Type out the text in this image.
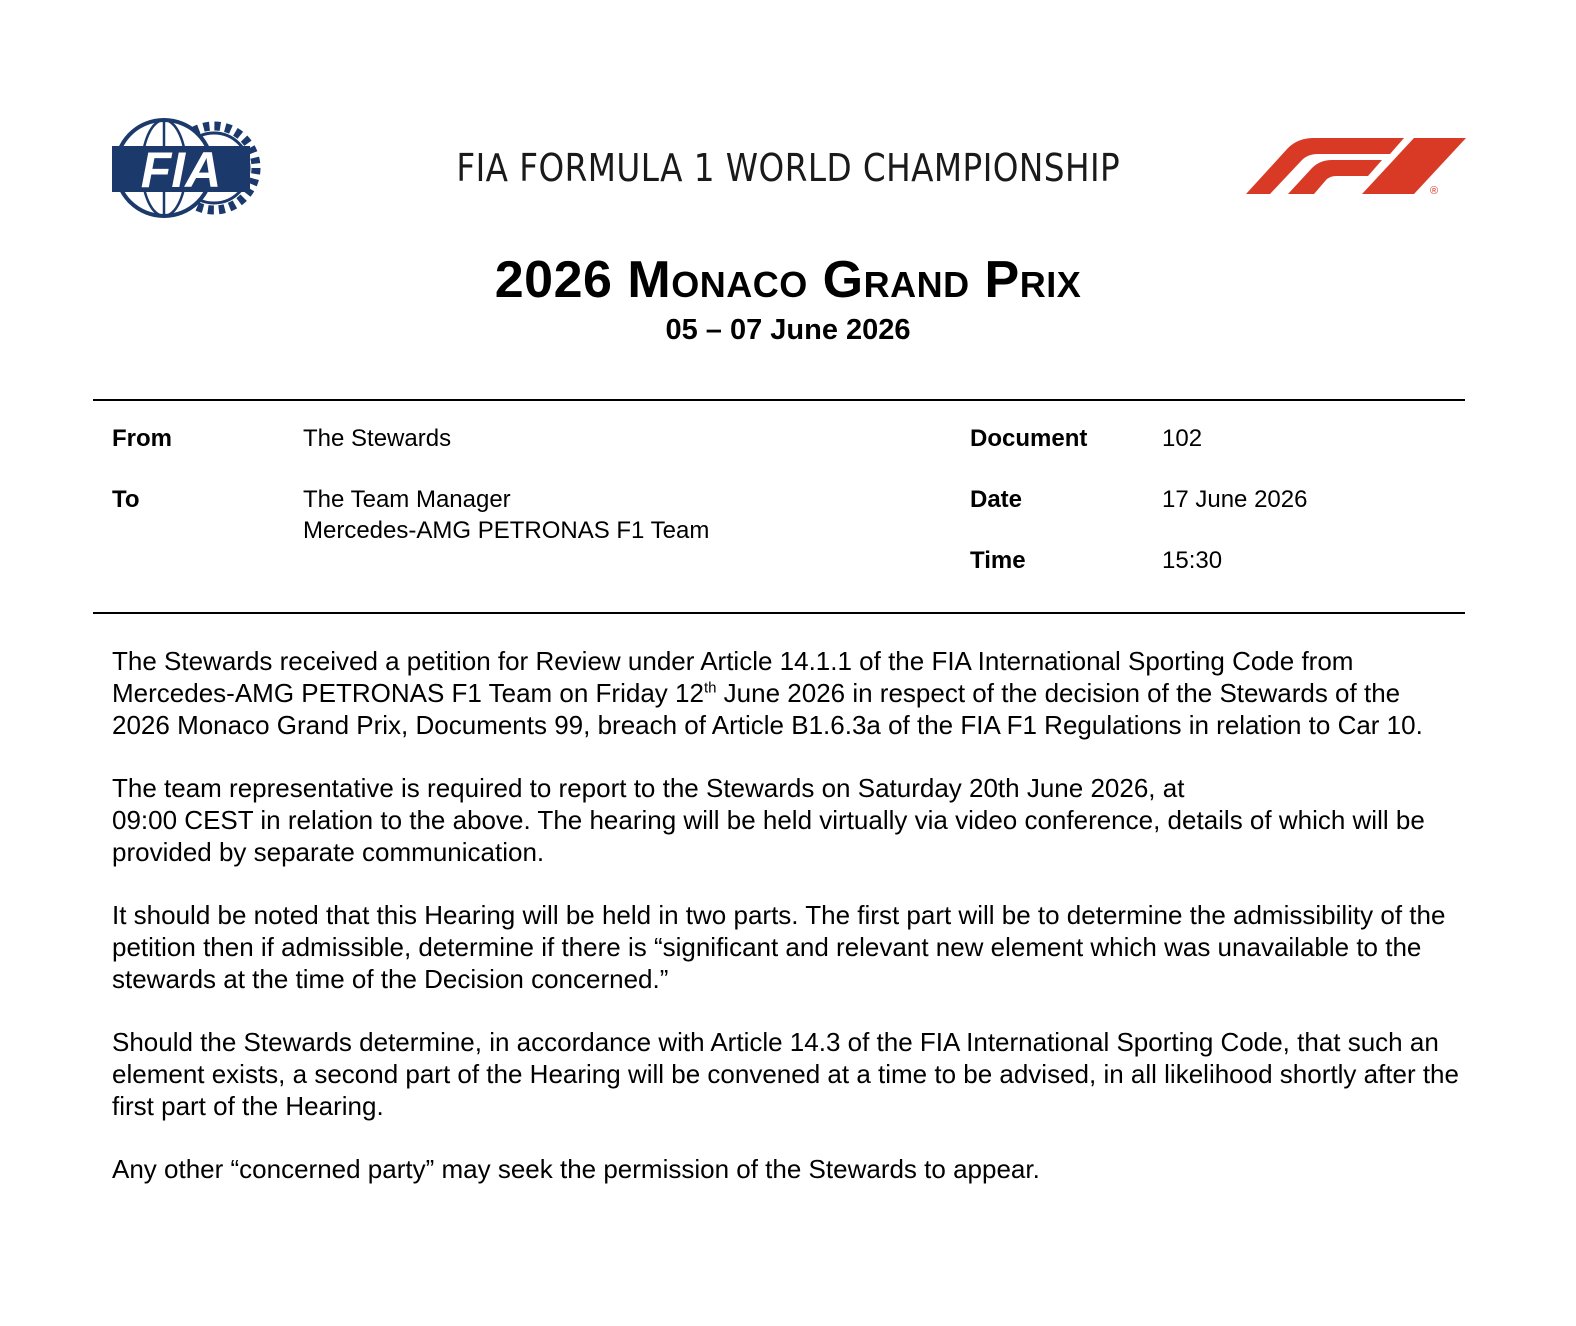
FIA	FIA FORMULA 1 WORLD CHAMPIONSHIP
®
2026 Monaco Grand Prix
05 – 07 June 2026
From	The Stewards
To	The Team Manager
Mercedes-AMG PETRONAS F1 Team
Document	102
Date	17 June 2026
Time	15:30

The Stewards received a petition for Review under Article 14.1.1 of the FIA International Sporting Code from Mercedes-AMG PETRONAS F1 Team on Friday 12th June 2026 in respect of the decision of the Stewards of the 2026 Monaco Grand Prix, Documents 99, breach of Article B1.6.3a of the FIA F1 Regulations in relation to Car 10.

The team representative is required to report to the Stewards on Saturday 20th June 2026, at
09:00 CEST in relation to the above. The hearing will be held virtually via video conference, details of which will be provided by separate communication.

It should be noted that this Hearing will be held in two parts. The first part will be to determine the admissibility of the petition then if admissible, determine if there is “significant and relevant new element which was unavailable to the stewards at the time of the Decision concerned.”

Should the Stewards determine, in accordance with Article 14.3 of the FIA International Sporting Code, that such an element exists, a second part of the Hearing will be convened at a time to be advised, in all likelihood shortly after the first part of the Hearing.

Any other “concerned party” may seek the permission of the Stewards to appear.
